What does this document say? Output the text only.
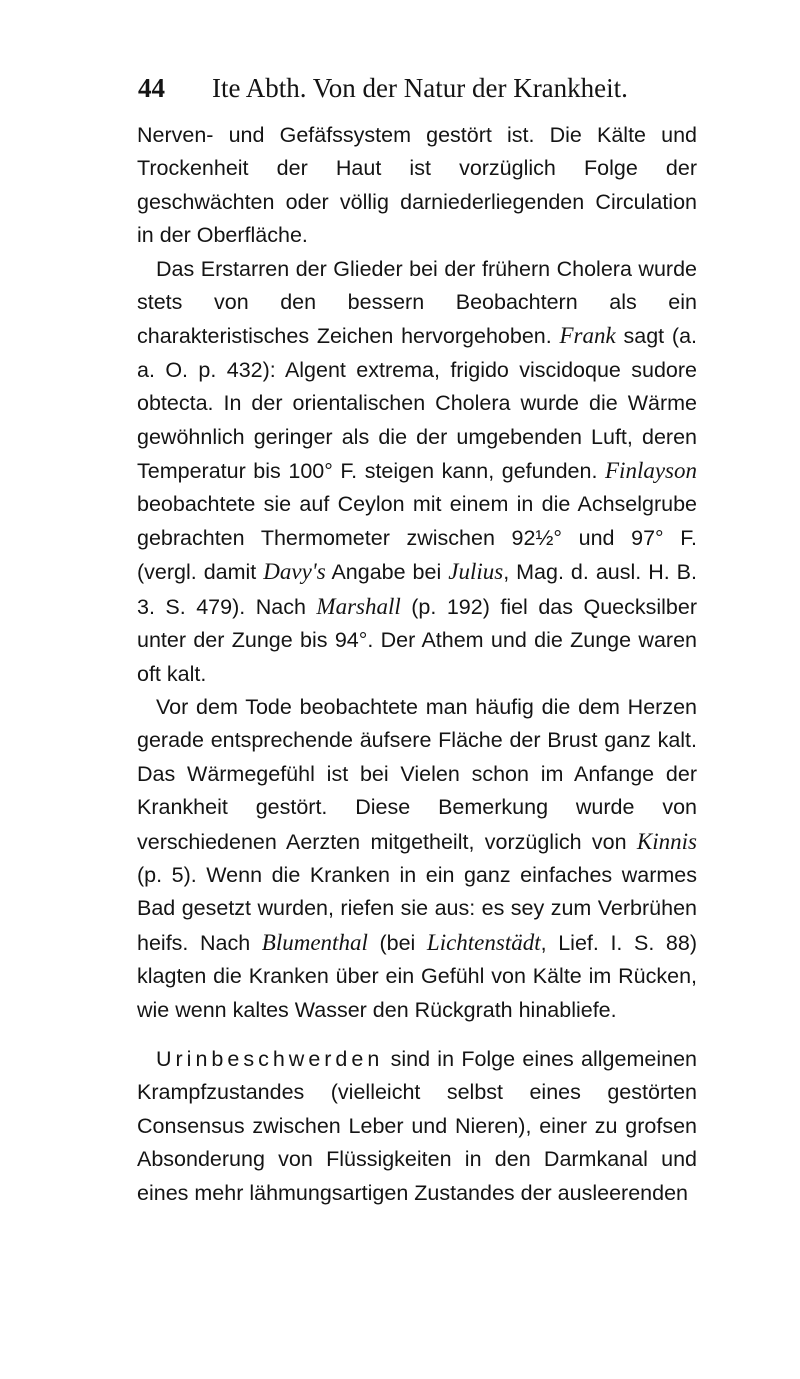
44 Ite Abth. Von der Natur der Krankheit.

Nerven- und Gefäfssystem gestört ist. Die Kälte und Trockenheit der Haut ist vorzüglich Folge der geschwächten oder völlig darniederliegenden Circulation in der Oberfläche.

Das Erstarren der Glieder bei der frühern Cholera wurde stets von den bessern Beobachtern als ein charakteristisches Zeichen hervorgehoben. Frank sagt (a. a. O. p. 432): Algent extrema, frigido viscidoque sudore obtecta. In der orientalischen Cholera wurde die Wärme gewöhnlich geringer als die der umgebenden Luft, deren Temperatur bis 100° F. steigen kann, gefunden. Finlayson beobachtete sie auf Ceylon mit einem in die Achselgrube gebrachten Thermometer zwischen 92½° und 97° F. (vergl. damit Davy's Angabe bei Julius, Mag. d. ausl. H. B. 3. S. 479). Nach Marshall (p. 192) fiel das Quecksilber unter der Zunge bis 94°. Der Athem und die Zunge waren oft kalt.

Vor dem Tode beobachtete man häufig die dem Herzen gerade entsprechende äufsere Fläche der Brust ganz kalt. Das Wärmegefühl ist bei Vielen schon im Anfange der Krankheit gestört. Diese Bemerkung wurde von verschiedenen Aerzten mitgetheilt, vorzüglich von Kinnis (p. 5). Wenn die Kranken in ein ganz einfaches warmes Bad gesetzt wurden, riefen sie aus: es sey zum Verbrühen heifs. Nach Blumenthal (bei Lichtenstädt, Lief. I. S. 88) klagten die Kranken über ein Gefühl von Kälte im Rücken, wie wenn kaltes Wasser den Rückgrath hinabliefe.

Urinbeschwerden sind in Folge eines allgemeinen Krampfzustandes (vielleicht selbst eines gestörten Consensus zwischen Leber und Nieren), einer zu grofsen Absonderung von Flüssigkeiten in den Darmkanal und eines mehr lähmungsartigen Zustandes der ausleerenden
